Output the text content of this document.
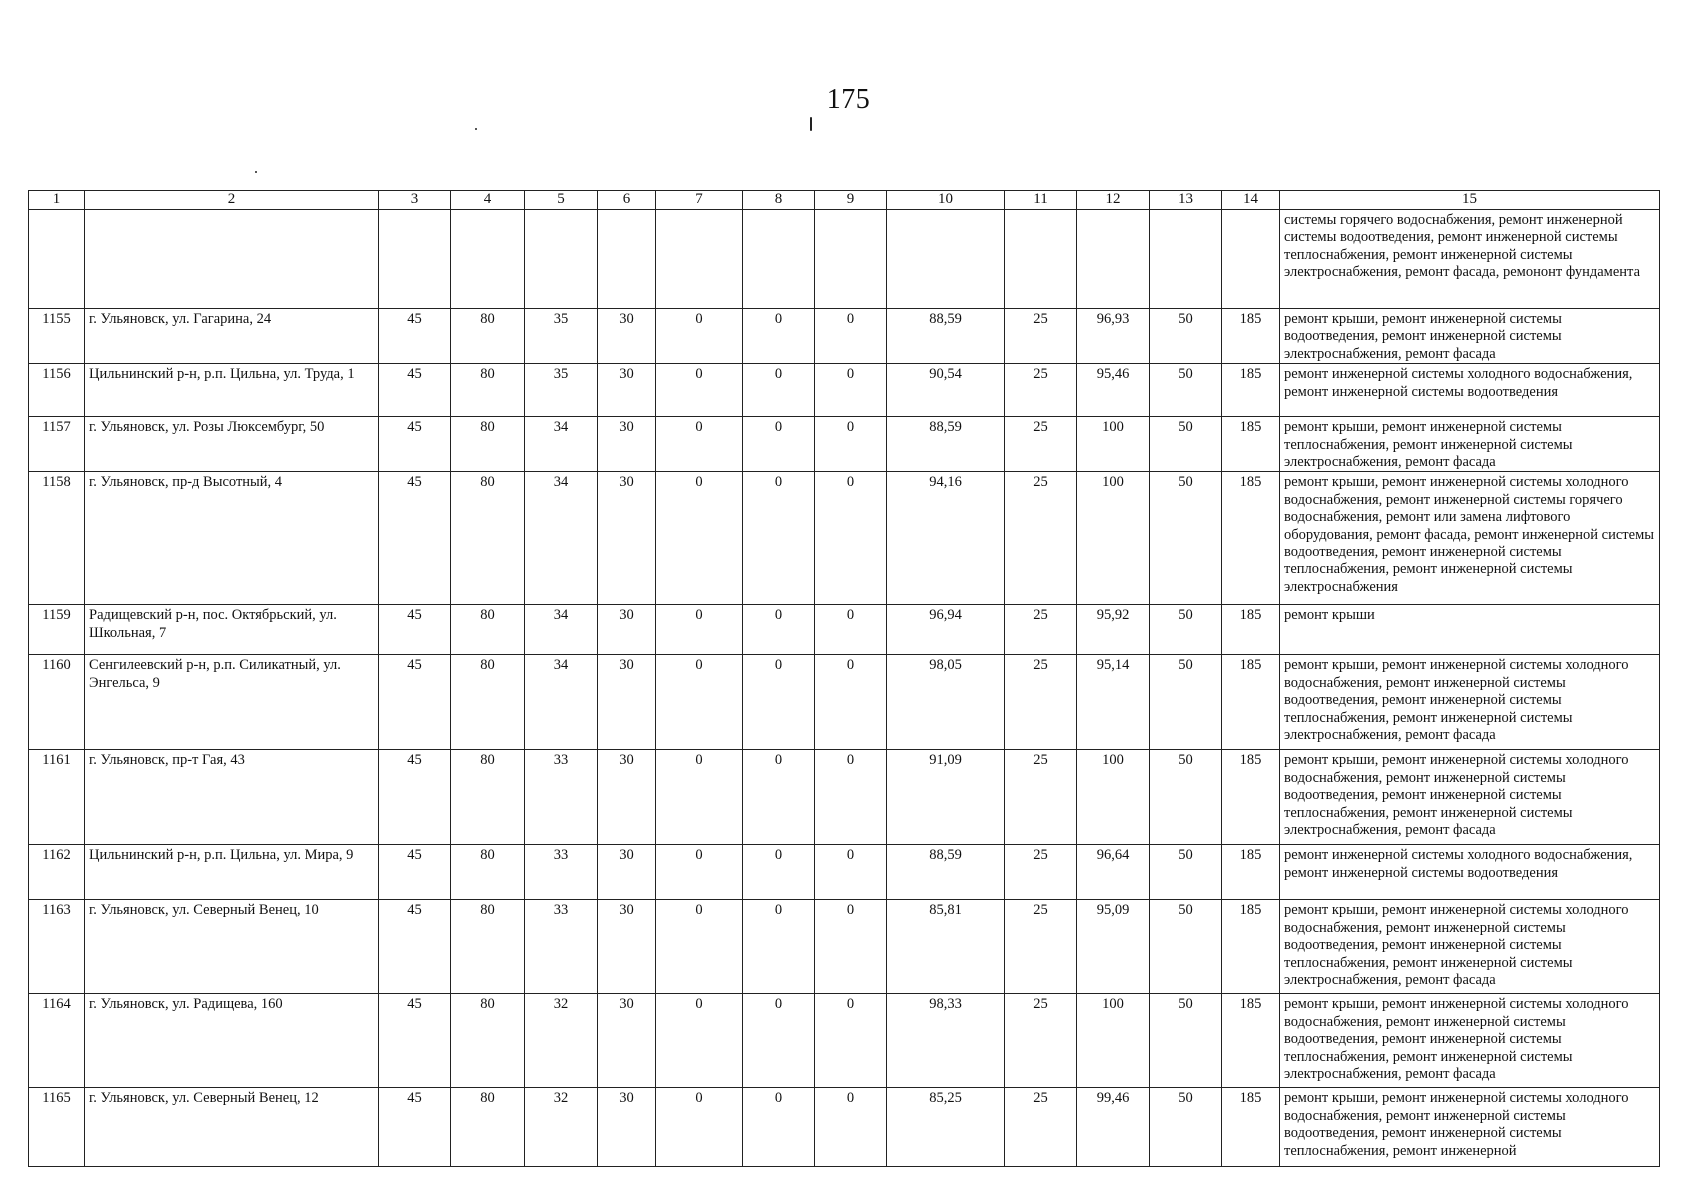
175
1	2	3	4	5	6	7	8	9	10	11	12	13	14	15
														системы горячего водоснабжения, ремонт инженерной системы водоотведения, ремонт инженерной системы теплоснабжения, ремонт инженерной системы электроснабжения, ремонт фасада, ремононт фундамента
1155	г. Ульяновск, ул. Гагарина, 24	45	80	35	30	0	0	0	88,59	25	96,93	50	185	ремонт крыши, ремонт инженерной системы водоотведения, ремонт инженерной системы электроснабжения, ремонт фасада
1156	Цильнинский р-н, р.п. Цильна, ул. Труда, 1	45	80	35	30	0	0	0	90,54	25	95,46	50	185	ремонт инженерной системы холодного водоснабжения, ремонт инженерной системы водоотведения
1157	г. Ульяновск, ул. Розы Люксембург, 50	45	80	34	30	0	0	0	88,59	25	100	50	185	ремонт крыши, ремонт инженерной системы теплоснабжения, ремонт инженерной системы электроснабжения, ремонт фасада
1158	г. Ульяновск, пр-д Высотный, 4	45	80	34	30	0	0	0	94,16	25	100	50	185	ремонт крыши, ремонт инженерной системы холодного водоснабжения, ремонт инженерной системы горячего водоснабжения, ремонт или замена лифтового оборудования, ремонт фасада, ремонт инженерной системы водоотведения, ремонт инженерной системы теплоснабжения, ремонт инженерной системы электроснабжения
1159	Радищевский р-н, пос. Октябрьский, ул. Школьная, 7	45	80	34	30	0	0	0	96,94	25	95,92	50	185	ремонт крыши
1160	Сенгилеевский р-н, р.п. Силикатный, ул. Энгельса, 9	45	80	34	30	0	0	0	98,05	25	95,14	50	185	ремонт крыши, ремонт инженерной системы холодного водоснабжения, ремонт инженерной системы водоотведения, ремонт инженерной системы теплоснабжения, ремонт инженерной системы электроснабжения, ремонт фасада
1161	г. Ульяновск, пр-т Гая, 43	45	80	33	30	0	0	0	91,09	25	100	50	185	ремонт крыши, ремонт инженерной системы холодного водоснабжения, ремонт инженерной системы водоотведения, ремонт инженерной системы теплоснабжения, ремонт инженерной системы электроснабжения, ремонт фасада
1162	Цильнинский р-н, р.п. Цильна, ул. Мира, 9	45	80	33	30	0	0	0	88,59	25	96,64	50	185	ремонт инженерной системы холодного водоснабжения, ремонт инженерной системы водоотведения
1163	г. Ульяновск, ул. Северный Венец, 10	45	80	33	30	0	0	0	85,81	25	95,09	50	185	ремонт крыши, ремонт инженерной системы холодного водоснабжения, ремонт инженерной системы водоотведения, ремонт инженерной системы теплоснабжения, ремонт инженерной системы электроснабжения, ремонт фасада
1164	г. Ульяновск, ул. Радищева, 160	45	80	32	30	0	0	0	98,33	25	100	50	185	ремонт крыши, ремонт инженерной системы холодного водоснабжения, ремонт инженерной системы водоотведения, ремонт инженерной системы теплоснабжения, ремонт инженерной системы электроснабжения, ремонт фасада
1165	г. Ульяновск, ул. Северный Венец, 12	45	80	32	30	0	0	0	85,25	25	99,46	50	185	ремонт крыши, ремонт инженерной системы холодного водоснабжения, ремонт инженерной системы водоотведения, ремонт инженерной системы теплоснабжения, ремонт инженерной
